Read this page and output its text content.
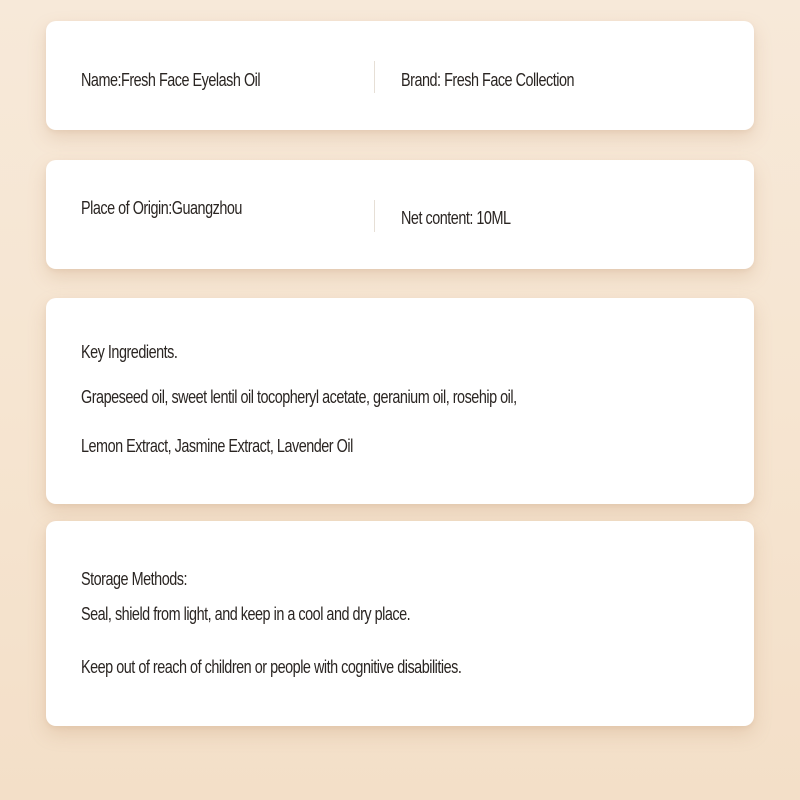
Name:Fresh Face Eyelash Oil	Brand: Fresh Face Collection
Place of Origin:Guangzhou	Net content: 10ML
Key Ingredients.
Grapeseed oil, sweet lentil oil tocopheryl acetate, geranium oil, rosehip oil,
Lemon Extract, Jasmine Extract, Lavender Oil
Storage Methods:
Seal, shield from light, and keep in a cool and dry place.
Keep out of reach of children or people with cognitive disabilities.
